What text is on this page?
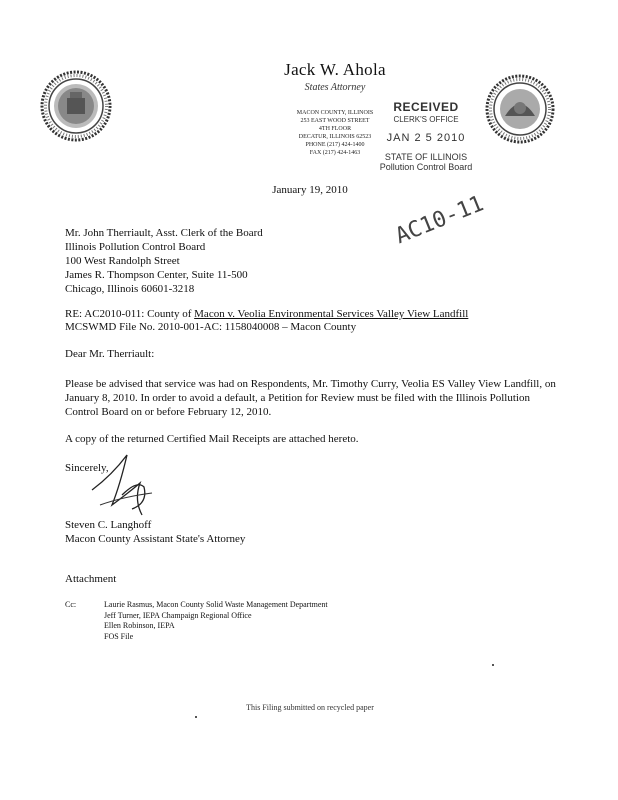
Jack W. Ahola
States Attorney
MACON COUNTY, ILLINOIS
253 EAST WOOD STREET
4TH FLOOR
DECATUR, ILLINOIS 62523
PHONE (217) 424-1400
FAX (217) 424-1463
RECEIVED
CLERK'S OFFICE
JAN 2 5 2010
STATE OF ILLINOIS
Pollution Control Board
January 19, 2010
Mr. John Therriault, Asst. Clerk of the Board
Illinois Pollution Control Board
100 West Randolph Street
James R. Thompson Center, Suite 11-500
Chicago, Illinois 60601-3218
AC10-11
RE: AC2010-011: County of Macon v. Veolia Environmental Services Valley View Landfill
MCSWMD File No. 2010-001-AC: 1158040008 – Macon County
Dear Mr. Therriault:
Please be advised that service was had on Respondents, Mr. Timothy Curry, Veolia ES Valley View Landfill, on January 8, 2010. In order to avoid a default, a Petition for Review must be filed with the Illinois Pollution Control Board on or before February 12, 2010.
A copy of the returned Certified Mail Receipts are attached hereto.
Sincerely,
Steven C. Langhoff
Macon County Assistant State's Attorney
Attachment
Cc:	Laurie Rasmus, Macon County Solid Waste Management Department
Jeff Turner, IEPA Champaign Regional Office
Ellen Robinson, IEPA
FOS File
This Filing submitted on recycled paper
